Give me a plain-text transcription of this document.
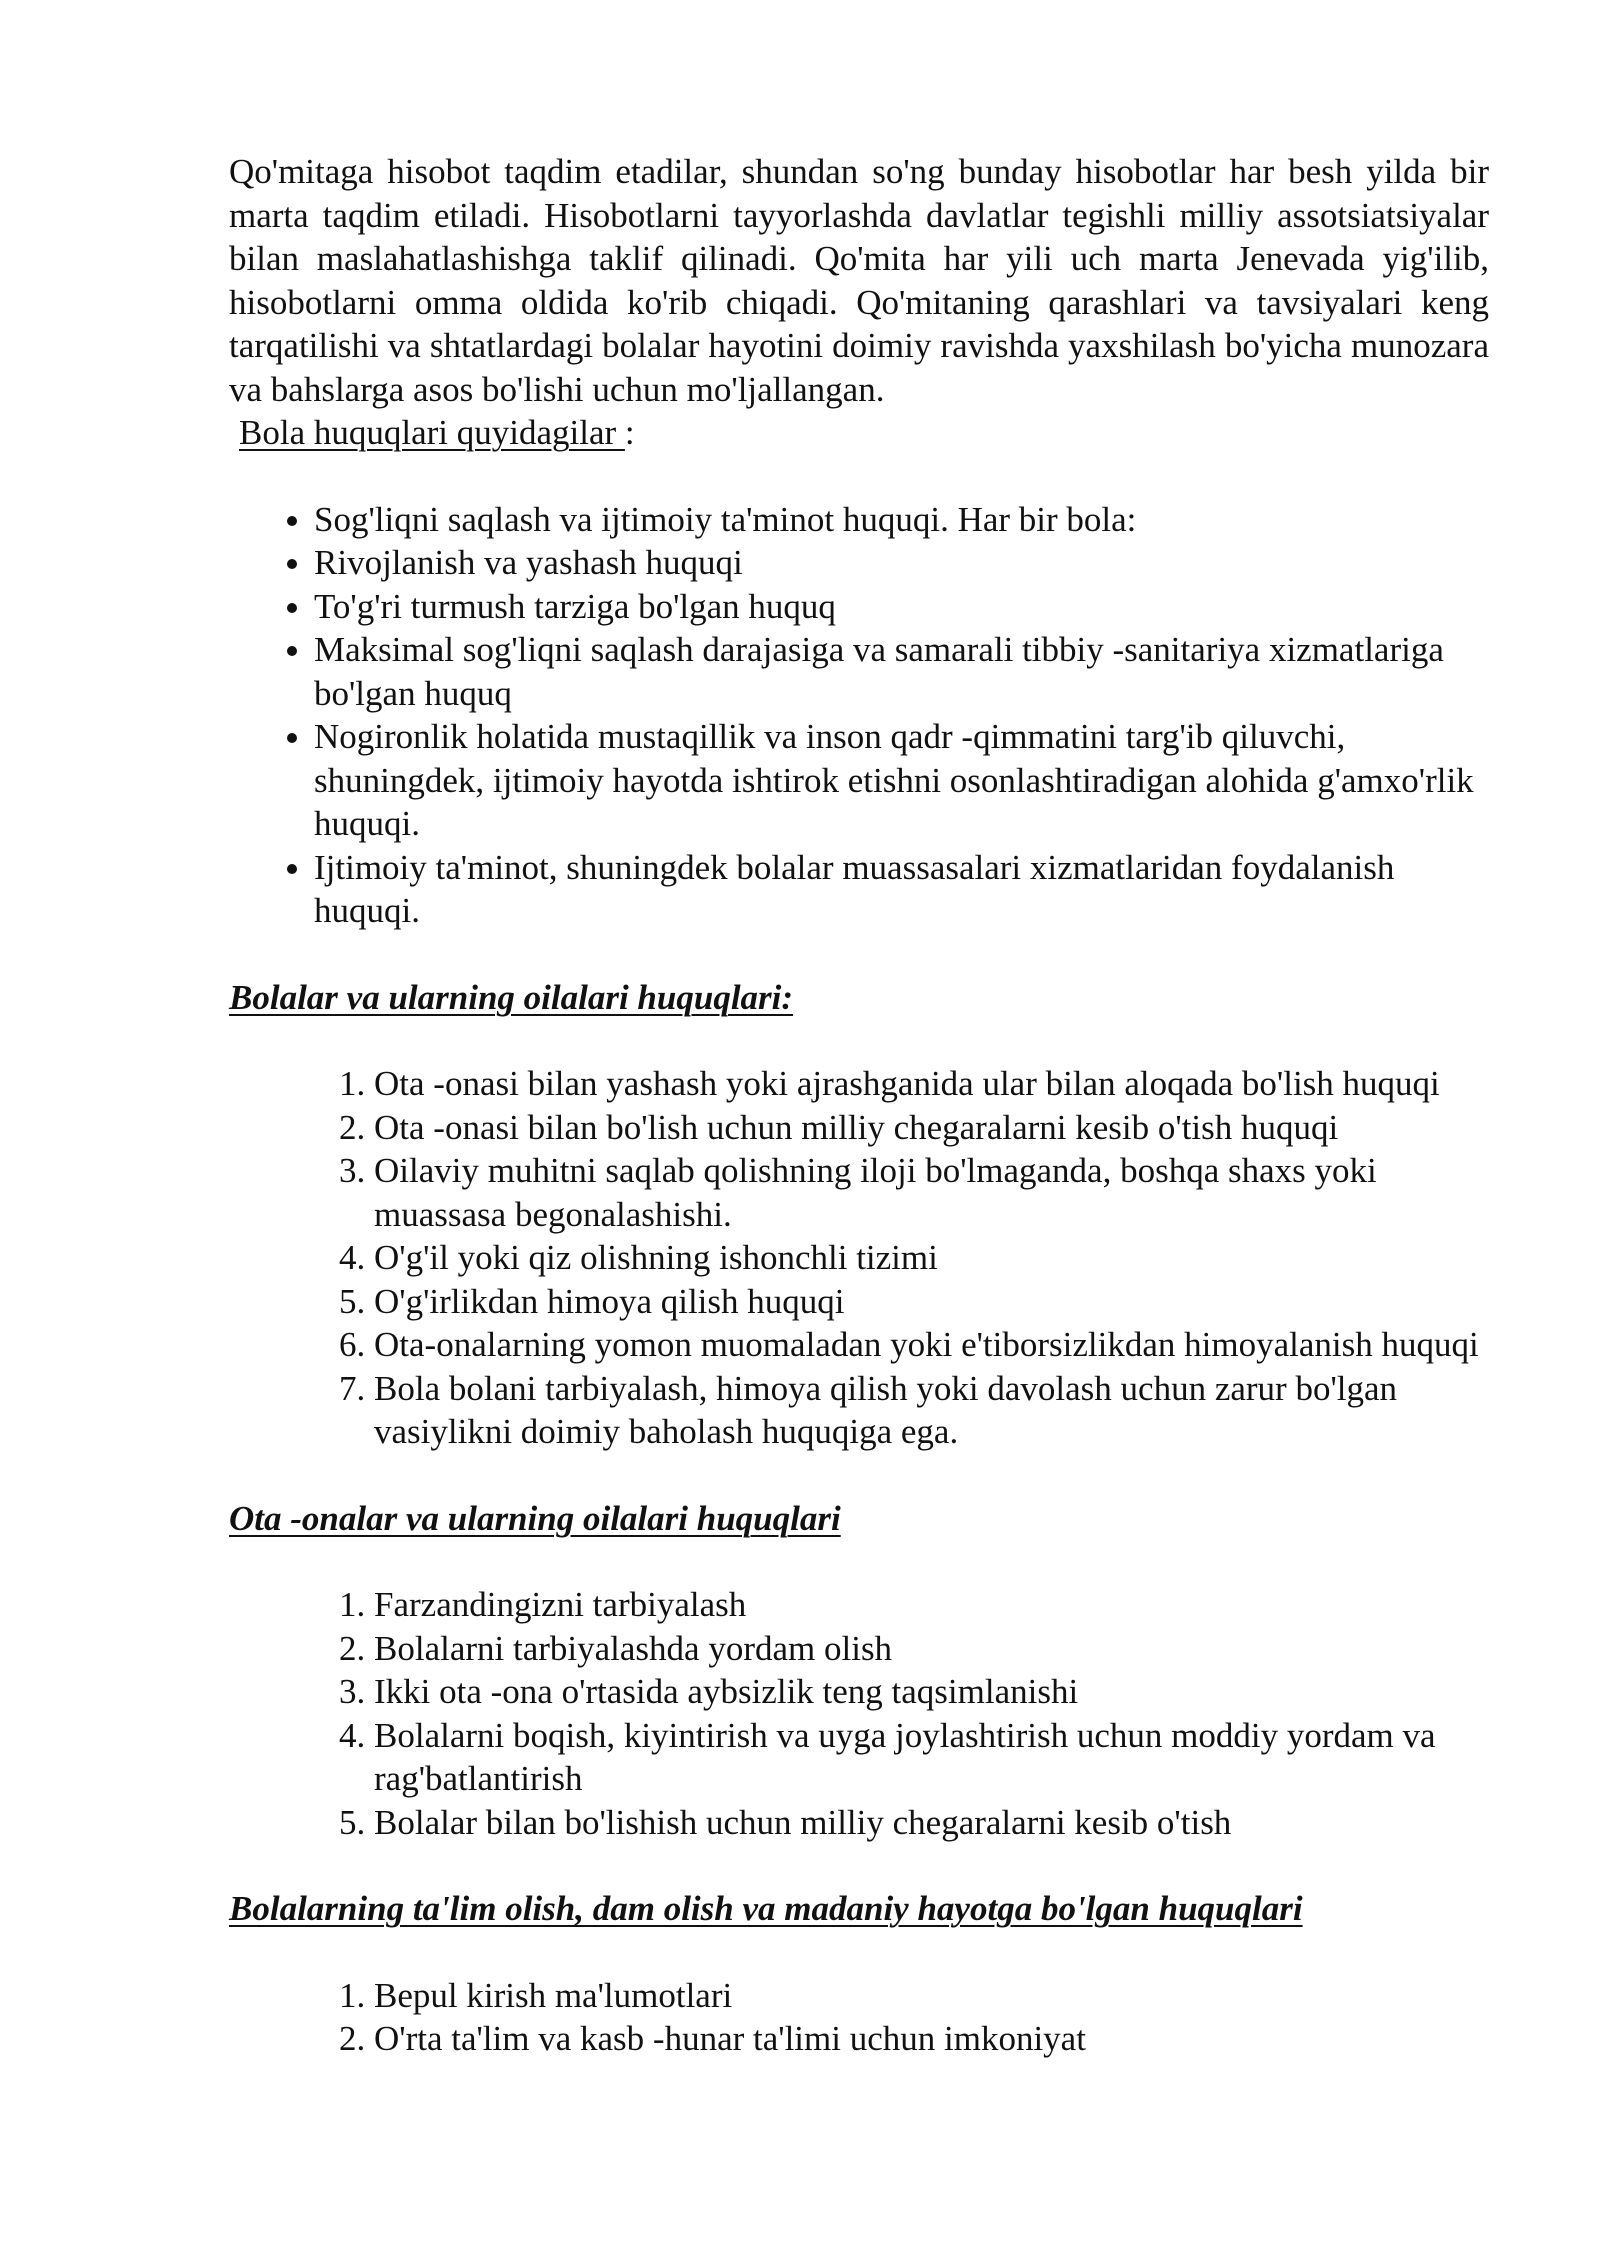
Qo'mitaga hisobot taqdim etadilar, shundan so'ng bunday hisobotlar har besh yilda bir marta taqdim etiladi. Hisobotlarni tayyorlashda davlatlar tegishli milliy assotsiatsiyalar bilan maslahatlashishga taklif qilinadi. Qo'mita har yili uch marta Jenevada yig'ilib, hisobotlarni omma oldida ko'rib chiqadi. Qo'mitaning qarashlari va tavsiyalari keng tarqatilishi va shtatlardagi bolalar hayotini doimiy ravishda yaxshilash bo'yicha munozara va bahslarga asos bo'lishi uchun mo'ljallangan.

Bola huquqlari quyidagilar :
• Sog'liqni saqlash va ijtimoiy ta'minot huquqi. Har bir bola:
• Rivojlanish va yashash huquqi
• To'g'ri turmush tarziga bo'lgan huquq
• Maksimal sog'liqni saqlash darajasiga va samarali tibbiy -sanitariya xizmatlariga bo'lgan huquq
• Nogironlik holatida mustaqillik va inson qadr -qimmatini targ'ib qiluvchi, shuningdek, ijtimoiy hayotda ishtirok etishni osonlashtiradigan alohida g'amxo'rlik huquqi.
• Ijtimoiy ta'minot, shuningdek bolalar muassasalari xizmatlaridan foydalanish huquqi.
Bolalar va ularning oilalari huquqlari:
1. Ota -onasi bilan yashash yoki ajrashganida ular bilan aloqada bo'lish huquqi
2. Ota -onasi bilan bo'lish uchun milliy chegaralarni kesib o'tish huquqi
3. Oilaviy muhitni saqlab qolishning iloji bo'lmaganda, boshqa shaxs yoki muassasa begonalashishi.
4. O'g'il yoki qiz olishning ishonchli tizimi
5. O'g'irlikdan himoya qilish huquqi
6. Ota-onalarning yomon muomaladan yoki e'tiborsizlikdan himoyalanish huquqi
7. Bola bolani tarbiyalash, himoya qilish yoki davolash uchun zarur bo'lgan vasiylikni doimiy baholash huquqiga ega.
Ota -onalar va ularning oilalari huquqlari
1. Farzandingizni tarbiyalash
2. Bolalarni tarbiyalashda yordam olish
3. Ikki ota -ona o'rtasida aybsizlik teng taqsimlanishi
4. Bolalarni boqish, kiyintirish va uyga joylashtirish uchun moddiy yordam va rag'batlantirish
5. Bolalar bilan bo'lishish uchun milliy chegaralarni kesib o'tish
Bolalarning ta'lim olish, dam olish va madaniy hayotga bo'lgan huquqlari
1. Bepul kirish ma'lumotlari
2. O'rta ta'lim va kasb -hunar ta'limi uchun imkoniyat
